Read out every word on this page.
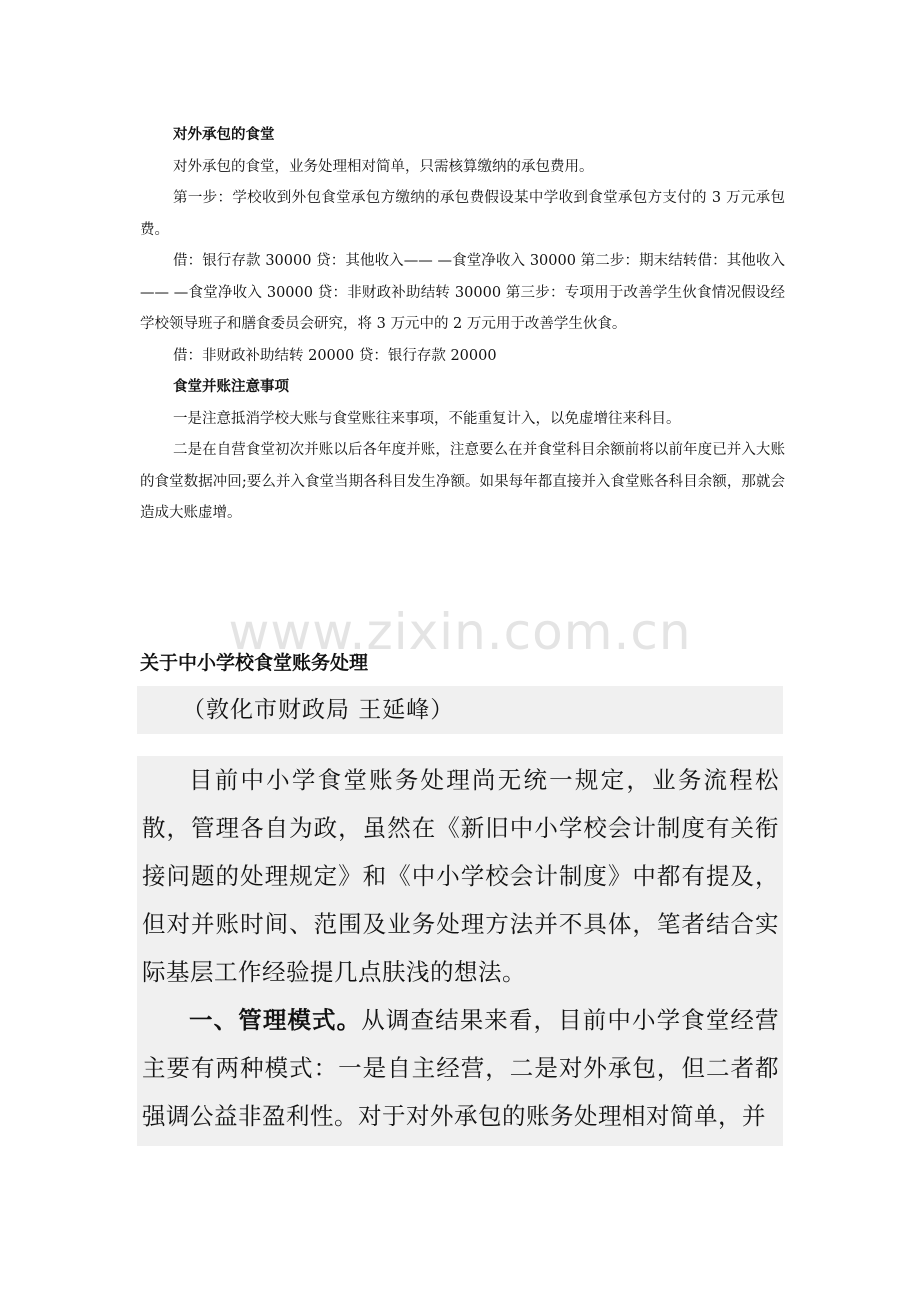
对外承包的食堂

对外承包的食堂，业务处理相对简单，只需核算缴纳的承包费用。

第一步：学校收到外包食堂承包方缴纳的承包费假设某中学收到食堂承包方支付的 3 万元承包费。

借：银行存款 30000 贷：其他收入—— —食堂净收入 30000 第二步：期末结转借：其他收入—— —食堂净收入 30000 贷：非财政补助结转 30000 第三步：专项用于改善学生伙食情况假设经学校领导班子和膳食委员会研究，将 3 万元中的 2 万元用于改善学生伙食。

借：非财政补助结转 20000 贷：银行存款 20000

食堂并账注意事项

一是注意抵消学校大账与食堂账往来事项，不能重复计入，以免虚增往来科目。

二是在自营食堂初次并账以后各年度并账，注意要么在并食堂科目余额前将以前年度已并入大账的食堂数据冲回;要么并入食堂当期各科目发生净额。如果每年都直接并入食堂账各科目余额，那就会造成大账虚增。

www.zixin.com.cn
关于中小学校食堂账务处理
（敦化市财政局 王延峰）

目前中小学食堂账务处理尚无统一规定，业务流程松散，管理各自为政，虽然在《新旧中小学校会计制度有关衔接问题的处理规定》和《中小学校会计制度》中都有提及，但对并账时间、范围及业务处理方法并不具体，笔者结合实际基层工作经验提几点肤浅的想法。

一、管理模式。从调查结果来看，目前中小学食堂经营主要有两种模式：一是自主经营，二是对外承包，但二者都强调公益非盈利性。对于对外承包的账务处理相对简单，并
